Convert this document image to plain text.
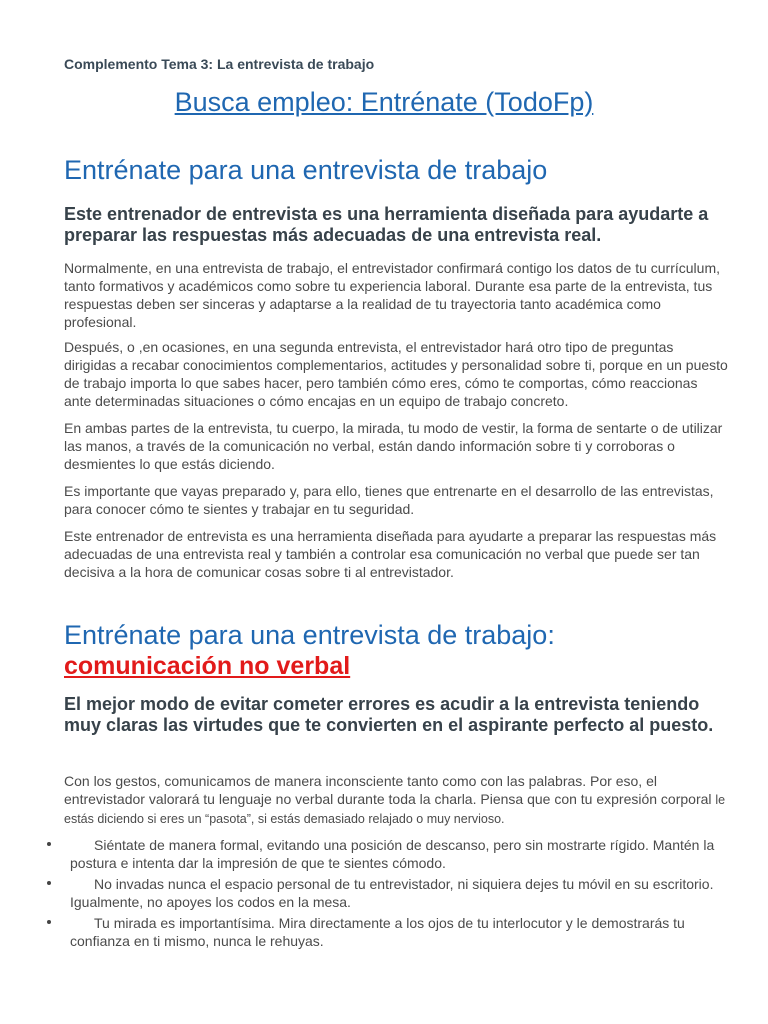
Complemento Tema 3: La entrevista de trabajo

Busca empleo: Entrénate (TodoFp)
Entrénate para una entrevista de trabajo

Este entrenador de entrevista es una herramienta diseñada para ayudarte a preparar las respuestas más adecuadas de una entrevista real.

Normalmente, en una entrevista de trabajo, el entrevistador confirmará contigo los datos de tu currículum, tanto formativos y académicos como sobre tu experiencia laboral. Durante esa parte de la entrevista, tus respuestas deben ser sinceras y adaptarse a la realidad de tu trayectoria tanto académica como profesional.

Después, o ,en ocasiones, en una segunda entrevista, el entrevistador hará otro tipo de preguntas dirigidas a recabar conocimientos complementarios, actitudes y personalidad sobre ti, porque en un puesto de trabajo importa lo que sabes hacer, pero también cómo eres, cómo te comportas, cómo reaccionas ante determinadas situaciones o cómo encajas en un equipo de trabajo concreto.

En ambas partes de la entrevista, tu cuerpo, la mirada, tu modo de vestir, la forma de sentarte o de utilizar las manos, a través de la comunicación no verbal, están dando información sobre ti y corroboras o desmientes lo que estás diciendo.

Es importante que vayas preparado y, para ello, tienes que entrenarte en el desarrollo de las entrevistas, para conocer cómo te sientes y trabajar en tu seguridad.

Este entrenador de entrevista es una herramienta diseñada para ayudarte a preparar las respuestas más adecuadas de una entrevista real y también a controlar esa comunicación no verbal que puede ser tan decisiva a la hora de comunicar cosas sobre ti al entrevistador.

Entrénate para una entrevista de trabajo:
comunicación no verbal

El mejor modo de evitar cometer errores es acudir a la entrevista teniendo muy claras las virtudes que te convierten en el aspirante perfecto al puesto.

Con los gestos, comunicamos de manera inconsciente tanto como con las palabras. Por eso, el entrevistador valorará tu lenguaje no verbal durante toda la charla. Piensa que con tu expresión corporal le estás diciendo si eres un “pasota”, si estás demasiado relajado o muy nervioso.

Siéntate de manera formal, evitando una posición de descanso, pero sin mostrarte rígido. Mantén la postura e intenta dar la impresión de que te sientes cómodo.

No invadas nunca el espacio personal de tu entrevistador, ni siquiera dejes tu móvil en su escritorio. Igualmente, no apoyes los codos en la mesa.

Tu mirada es importantísima. Mira directamente a los ojos de tu interlocutor y le demostrarás tu confianza en ti mismo, nunca le rehuyas.
